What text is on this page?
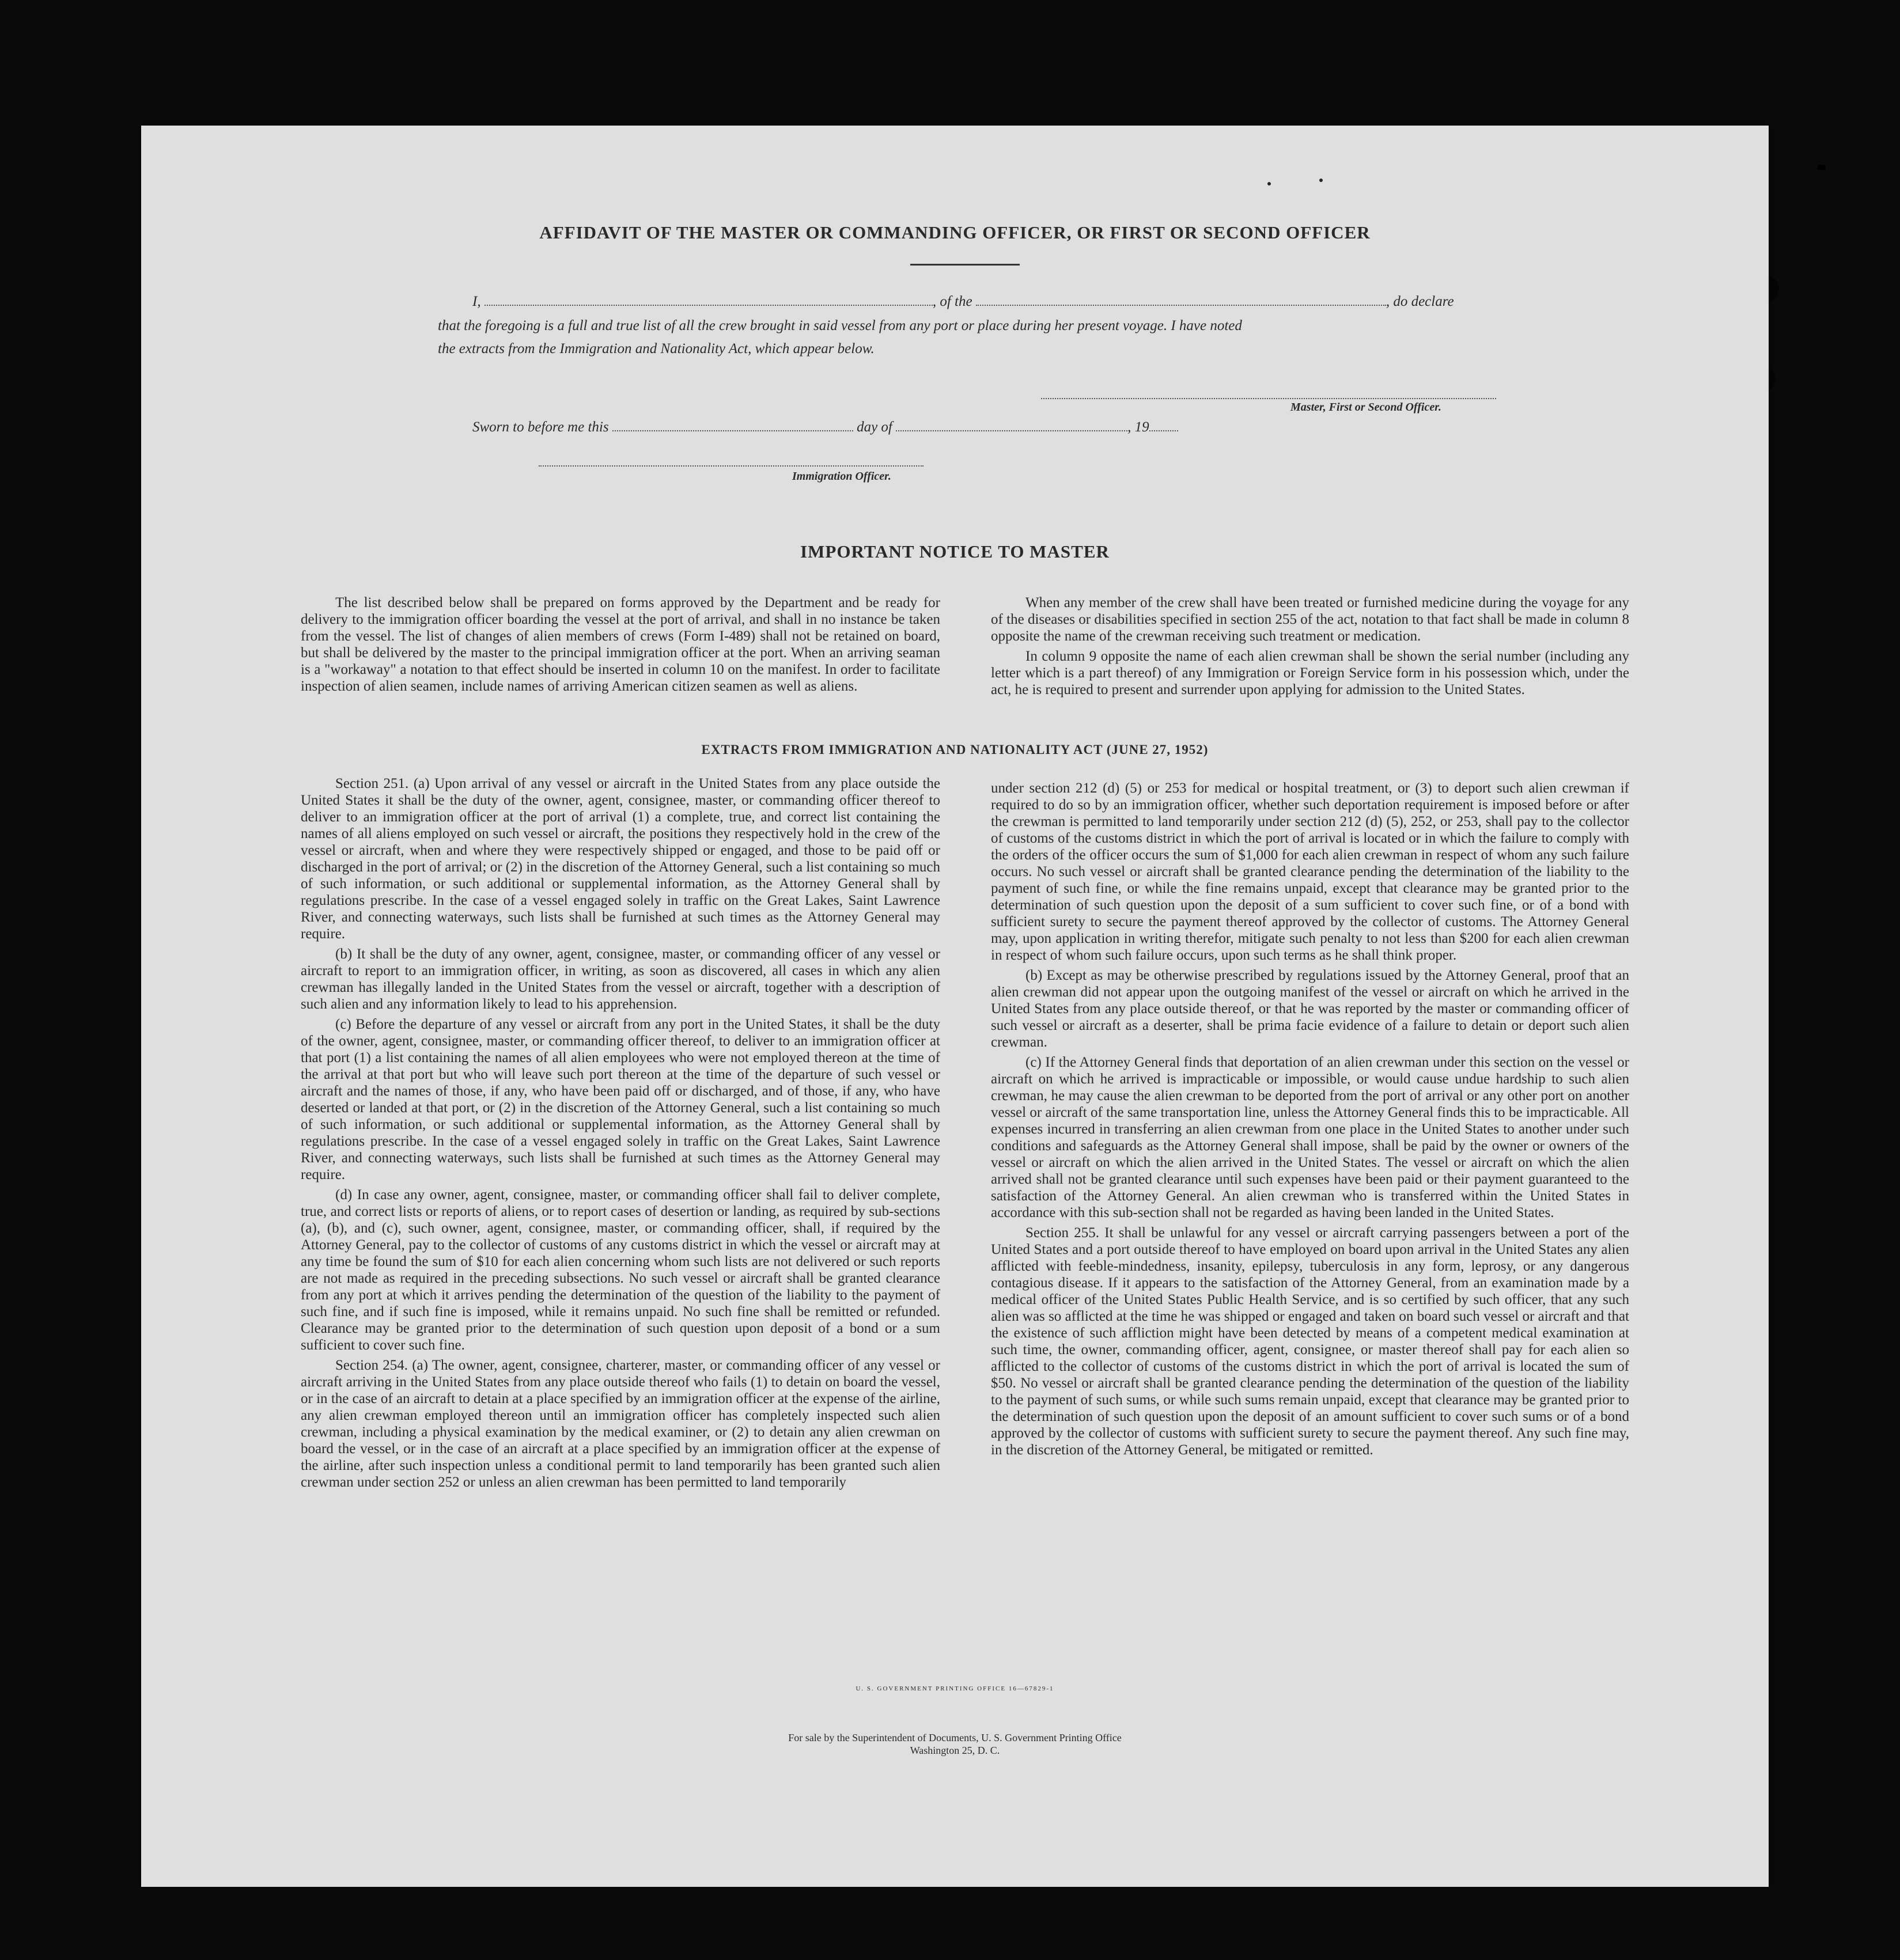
AFFIDAVIT OF THE MASTER OR COMMANDING OFFICER, OR FIRST OR SECOND OFFICER
I,	, of the	, do declare
that the foregoing is a full and true list of all the crew brought in said vessel from any port or place during her present voyage. I have noted
the extracts from the Immigration and Nationality Act, which appear below.
Master, First or Second Officer.
Sworn to before me this	day of	, 19
Immigration Officer.
IMPORTANT NOTICE TO MASTER

The list described below shall be prepared on forms approved by the Department and be ready for delivery to the immigration officer boarding the vessel at the port of arrival, and shall in no instance be taken from the vessel. The list of changes of alien members of crews (Form I-489) shall not be retained on board, but shall be delivered by the master to the principal immigration officer at the port. When an arriving seaman is a "workaway" a notation to that effect should be inserted in column 10 on the manifest. In order to facilitate inspection of alien seamen, include names of arriving American citizen seamen as well as aliens.

When any member of the crew shall have been treated or furnished medicine during the voyage for any of the diseases or disabilities specified in section 255 of the act, notation to that fact shall be made in column 8 opposite the name of the crewman receiving such treatment or medication.

In column 9 opposite the name of each alien crewman shall be shown the serial number (including any letter which is a part thereof) of any Immigration or Foreign Service form in his possession which, under the act, he is required to present and surrender upon applying for admission to the United States.

EXTRACTS FROM IMMIGRATION AND NATIONALITY ACT (JUNE 27, 1952)

Section 251. (a) Upon arrival of any vessel or aircraft in the United States from any place outside the United States it shall be the duty of the owner, agent, consignee, master, or commanding officer thereof to deliver to an immigration officer at the port of arrival (1) a complete, true, and correct list containing the names of all aliens employed on such vessel or aircraft, the positions they respectively hold in the crew of the vessel or aircraft, when and where they were respectively shipped or engaged, and those to be paid off or discharged in the port of arrival; or (2) in the discretion of the Attorney General, such a list containing so much of such information, or such additional or supplemental information, as the Attorney General shall by regulations prescribe. In the case of a vessel engaged solely in traffic on the Great Lakes, Saint Lawrence River, and connecting waterways, such lists shall be furnished at such times as the Attorney General may require.

(b) It shall be the duty of any owner, agent, consignee, master, or commanding officer of any vessel or aircraft to report to an immigration officer, in writing, as soon as discovered, all cases in which any alien crewman has illegally landed in the United States from the vessel or aircraft, together with a description of such alien and any information likely to lead to his apprehension.

(c) Before the departure of any vessel or aircraft from any port in the United States, it shall be the duty of the owner, agent, consignee, master, or commanding officer thereof, to deliver to an immigration officer at that port (1) a list containing the names of all alien employees who were not employed thereon at the time of the arrival at that port but who will leave such port thereon at the time of the departure of such vessel or aircraft and the names of those, if any, who have been paid off or discharged, and of those, if any, who have deserted or landed at that port, or (2) in the discretion of the Attorney General, such a list containing so much of such information, or such additional or supplemental information, as the Attorney General shall by regulations prescribe. In the case of a vessel engaged solely in traffic on the Great Lakes, Saint Lawrence River, and connecting waterways, such lists shall be furnished at such times as the Attorney General may require.

(d) In case any owner, agent, consignee, master, or commanding officer shall fail to deliver complete, true, and correct lists or reports of aliens, or to report cases of desertion or landing, as required by sub-sections (a), (b), and (c), such owner, agent, consignee, master, or commanding officer, shall, if required by the Attorney General, pay to the collector of customs of any customs district in which the vessel or aircraft may at any time be found the sum of $10 for each alien concerning whom such lists are not delivered or such reports are not made as required in the preceding subsections. No such vessel or aircraft shall be granted clearance from any port at which it arrives pending the determination of the question of the liability to the payment of such fine, and if such fine is imposed, while it remains unpaid. No such fine shall be remitted or refunded. Clearance may be granted prior to the determination of such question upon deposit of a bond or a sum sufficient to cover such fine.

Section 254. (a) The owner, agent, consignee, charterer, master, or commanding officer of any vessel or aircraft arriving in the United States from any place outside thereof who fails (1) to detain on board the vessel, or in the case of an aircraft to detain at a place specified by an immigration officer at the expense of the airline, any alien crewman employed thereon until an immigration officer has completely inspected such alien crewman, including a physical examination by the medical examiner, or (2) to detain any alien crewman on board the vessel, or in the case of an aircraft at a place specified by an immigration officer at the expense of the airline, after such inspection unless a conditional permit to land temporarily has been granted such alien crewman under section 252 or unless an alien crewman has been permitted to land temporarily

under section 212 (d) (5) or 253 for medical or hospital treatment, or (3) to deport such alien crewman if required to do so by an immigration officer, whether such deportation requirement is imposed before or after the crewman is permitted to land temporarily under section 212 (d) (5), 252, or 253, shall pay to the collector of customs of the customs district in which the port of arrival is located or in which the failure to comply with the orders of the officer occurs the sum of $1,000 for each alien crewman in respect of whom any such failure occurs. No such vessel or aircraft shall be granted clearance pending the determination of the liability to the payment of such fine, or while the fine remains unpaid, except that clearance may be granted prior to the determination of such question upon the deposit of a sum sufficient to cover such fine, or of a bond with sufficient surety to secure the payment thereof approved by the collector of customs. The Attorney General may, upon application in writing therefor, mitigate such penalty to not less than $200 for each alien crewman in respect of whom such failure occurs, upon such terms as he shall think proper.

(b) Except as may be otherwise prescribed by regulations issued by the Attorney General, proof that an alien crewman did not appear upon the outgoing manifest of the vessel or aircraft on which he arrived in the United States from any place outside thereof, or that he was reported by the master or commanding officer of such vessel or aircraft as a deserter, shall be prima facie evidence of a failure to detain or deport such alien crewman.

(c) If the Attorney General finds that deportation of an alien crewman under this section on the vessel or aircraft on which he arrived is impracticable or impossible, or would cause undue hardship to such alien crewman, he may cause the alien crewman to be deported from the port of arrival or any other port on another vessel or aircraft of the same transportation line, unless the Attorney General finds this to be impracticable. All expenses incurred in transferring an alien crewman from one place in the United States to another under such conditions and safeguards as the Attorney General shall impose, shall be paid by the owner or owners of the vessel or aircraft on which the alien arrived in the United States. The vessel or aircraft on which the alien arrived shall not be granted clearance until such expenses have been paid or their payment guaranteed to the satisfaction of the Attorney General. An alien crewman who is transferred within the United States in accordance with this sub-section shall not be regarded as having been landed in the United States.

Section 255. It shall be unlawful for any vessel or aircraft carrying passengers between a port of the United States and a port outside thereof to have employed on board upon arrival in the United States any alien afflicted with feeble-mindedness, insanity, epilepsy, tuberculosis in any form, leprosy, or any dangerous contagious disease. If it appears to the satisfaction of the Attorney General, from an examination made by a medical officer of the United States Public Health Service, and is so certified by such officer, that any such alien was so afflicted at the time he was shipped or engaged and taken on board such vessel or aircraft and that the existence of such affliction might have been detected by means of a competent medical examination at such time, the owner, commanding officer, agent, consignee, or master thereof shall pay for each alien so afflicted to the collector of customs of the customs district in which the port of arrival is located the sum of $50. No vessel or aircraft shall be granted clearance pending the determination of the question of the liability to the payment of such sums, or while such sums remain unpaid, except that clearance may be granted prior to the determination of such question upon the deposit of an amount sufficient to cover such sums or of a bond approved by the collector of customs with sufficient surety to secure the payment thereof. Any such fine may, in the discretion of the Attorney General, be mitigated or remitted.

U. S. GOVERNMENT PRINTING OFFICE 16—67829-1
For sale by the Superintendent of Documents, U. S. Government Printing Office
Washington 25, D. C.
